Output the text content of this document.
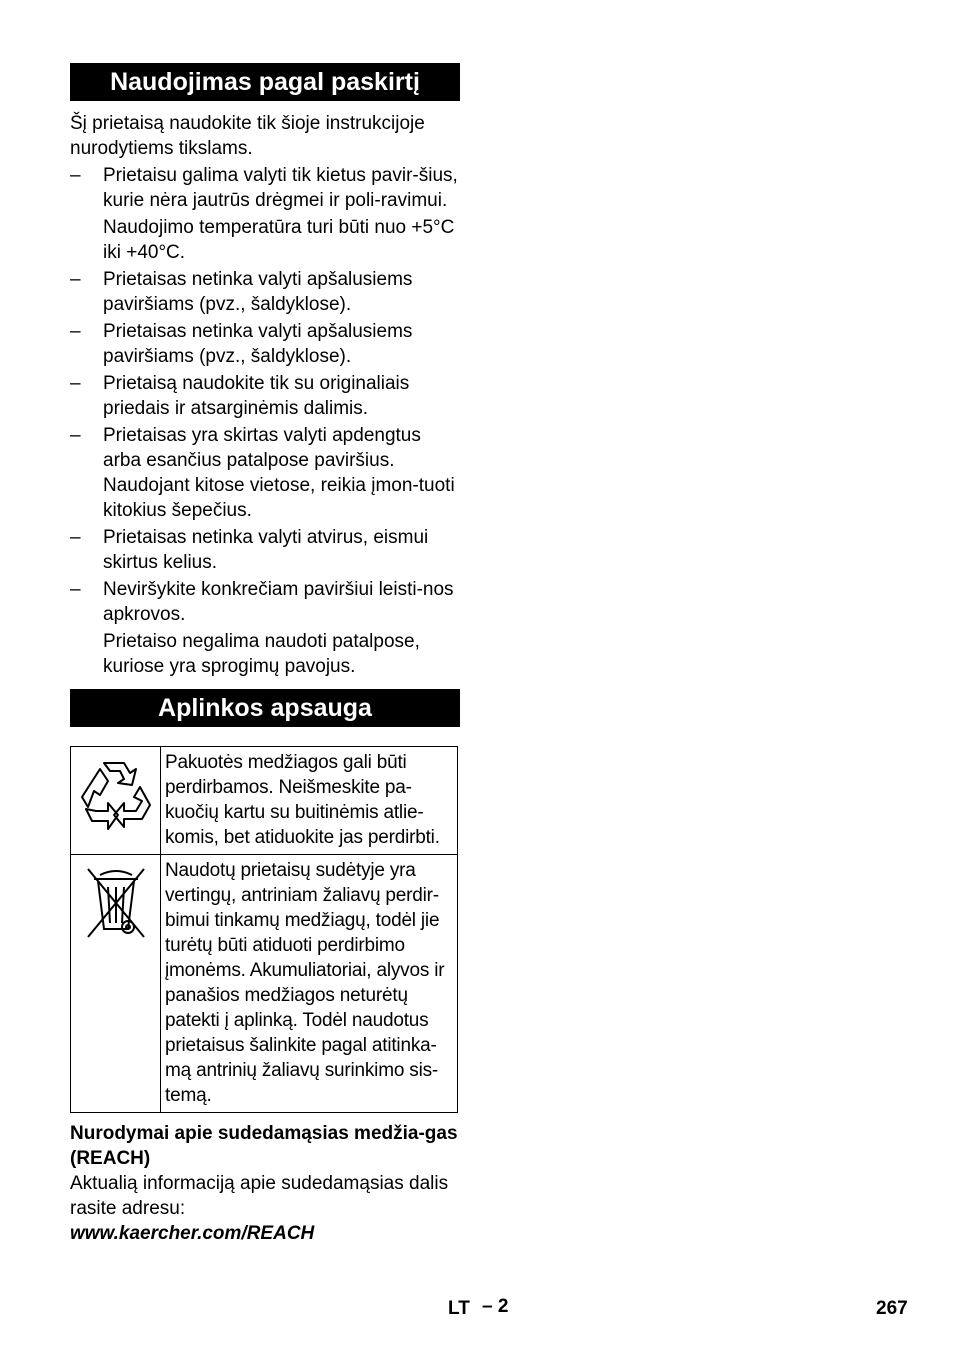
Naudojimas pagal paskirtį

Šį prietaisą naudokite tik šioje instrukcijoje nurodytiems tikslams.

– Prietaisu galima valyti tik kietus pavir-šius, kurie nėra jautrūs drėgmei ir poli-ravimui.

Naudojimo temperatūra turi būti nuo +5°C iki +40°C.

– Prietaisas netinka valyti apšalusiems paviršiams (pvz., šaldyklose).

– Prietaisas netinka valyti apšalusiems paviršiams (pvz., šaldyklose).

– Prietaisą naudokite tik su originaliais priedais ir atsarginėmis dalimis.

– Prietaisas yra skirtas valyti apdengtus arba esančius patalpose paviršius. Naudojant kitose vietose, reikia įmon-tuoti kitokius šepečius.

– Prietaisas netinka valyti atvirus, eismui skirtus kelius.

– Neviršykite konkrečiam paviršiui leisti-nos apkrovos.

Prietaiso negalima naudoti patalpose, kuriose yra sprogimų pavojus.

Aplinkos apsauga
	Pakuotės medžiagos gali būti perdirbamos. Neišmeskite pa-kuočių kartu su buitinėmis atlie-komis, bet atiduokite jas perdirbti.

	Naudotų prietaisų sudėtyje yra vertingų, antriniam žaliavų perdir-bimui tinkamų medžiagų, todėl jie turėtų būti atiduoti perdirbimo įmonėms. Akumuliatoriai, alyvos ir panašios medžiagos neturėtų patekti į aplinką. Todėl naudotus prietaisus šalinkite pagal atitinka-mą antrinių žaliavų surinkimo sis-temą.

Nurodymai apie sudedamąsias medžia-gas (REACH)

Aktualią informaciją apie sudedamąsias dalis rasite adresu:

www.kaercher.com/REACH

LT – 2	267
